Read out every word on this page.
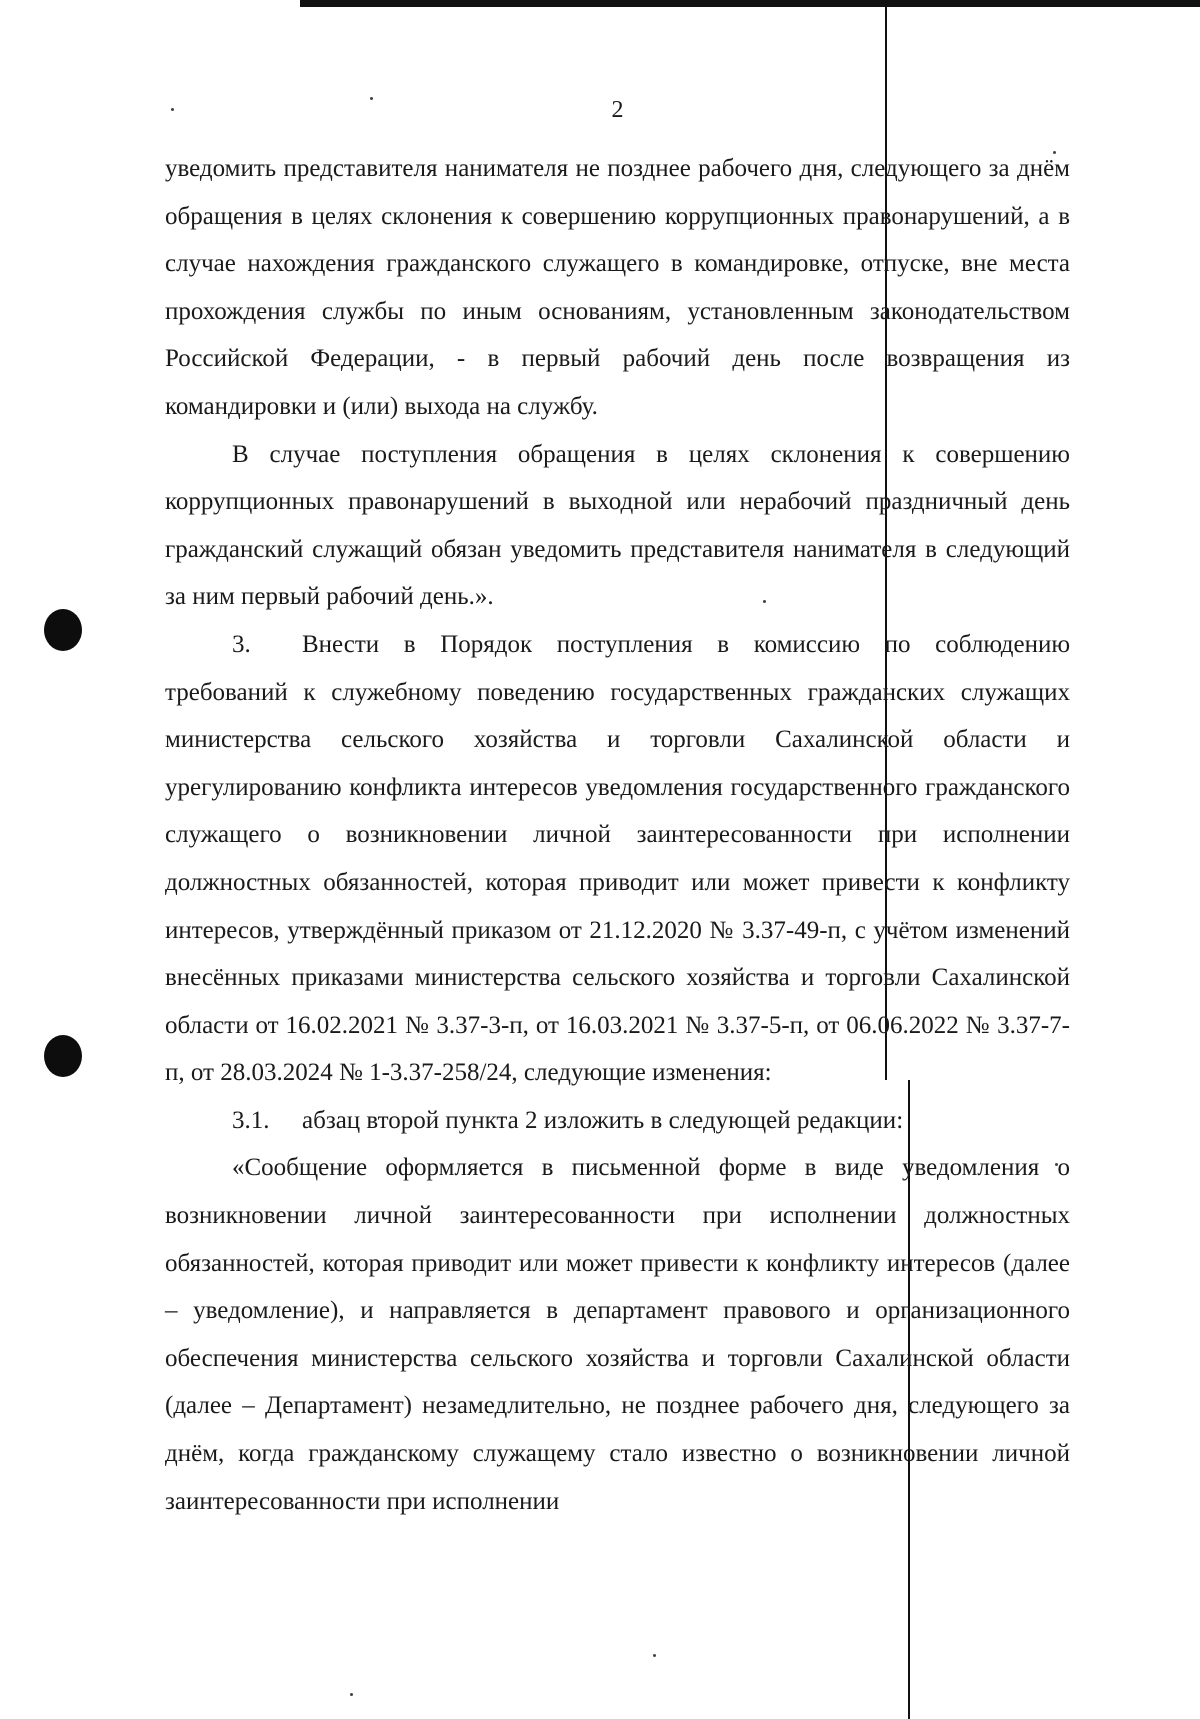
2

уведомить представителя нанимателя не позднее рабочего дня, следующего за днём обращения в целях склонения к совершению коррупционных правонарушений, а в случае нахождения гражданского служащего в командировке, отпуске, вне места прохождения службы по иным основаниям, установленным законодательством Российской Федерации, - в первый рабочий день после возвращения из командировки и (или) выхода на службу.

В случае поступления обращения в целях склонения к совершению коррупционных правонарушений в выходной или нерабочий праздничный день гражданский служащий обязан уведомить представителя нанимателя в следующий за ним первый рабочий день.».

3. Внести в Порядок поступления в комиссию по соблюдению требований к служебному поведению государственных гражданских служащих министерства сельского хозяйства и торговли Сахалинской области и урегулированию конфликта интересов уведомления государственного гражданского служащего о возникновении личной заинтересованности при исполнении должностных обязанностей, которая приводит или может привести к конфликту интересов, утверждённый приказом от 21.12.2020 № 3.37-49-п, с учётом изменений внесённых приказами министерства сельского хозяйства и торговли Сахалинской области от 16.02.2021 № 3.37-3-п, от 16.03.2021 № 3.37-5-п, от 06.06.2022 № 3.37-7-п, от 28.03.2024 № 1-3.37-258/24, следующие изменения:

3.1. абзац второй пункта 2 изложить в следующей редакции:

«Сообщение оформляется в письменной форме в виде уведомления о возникновении личной заинтересованности при исполнении должностных обязанностей, которая приводит или может привести к конфликту интересов (далее – уведомление), и направляется в департамент правового и организационного обеспечения министерства сельского хозяйства и торговли Сахалинской области (далее – Департамент) незамедлительно, не позднее рабочего дня, следующего за днём, когда гражданскому служащему стало известно о возникновении личной заинтересованности при исполнении
